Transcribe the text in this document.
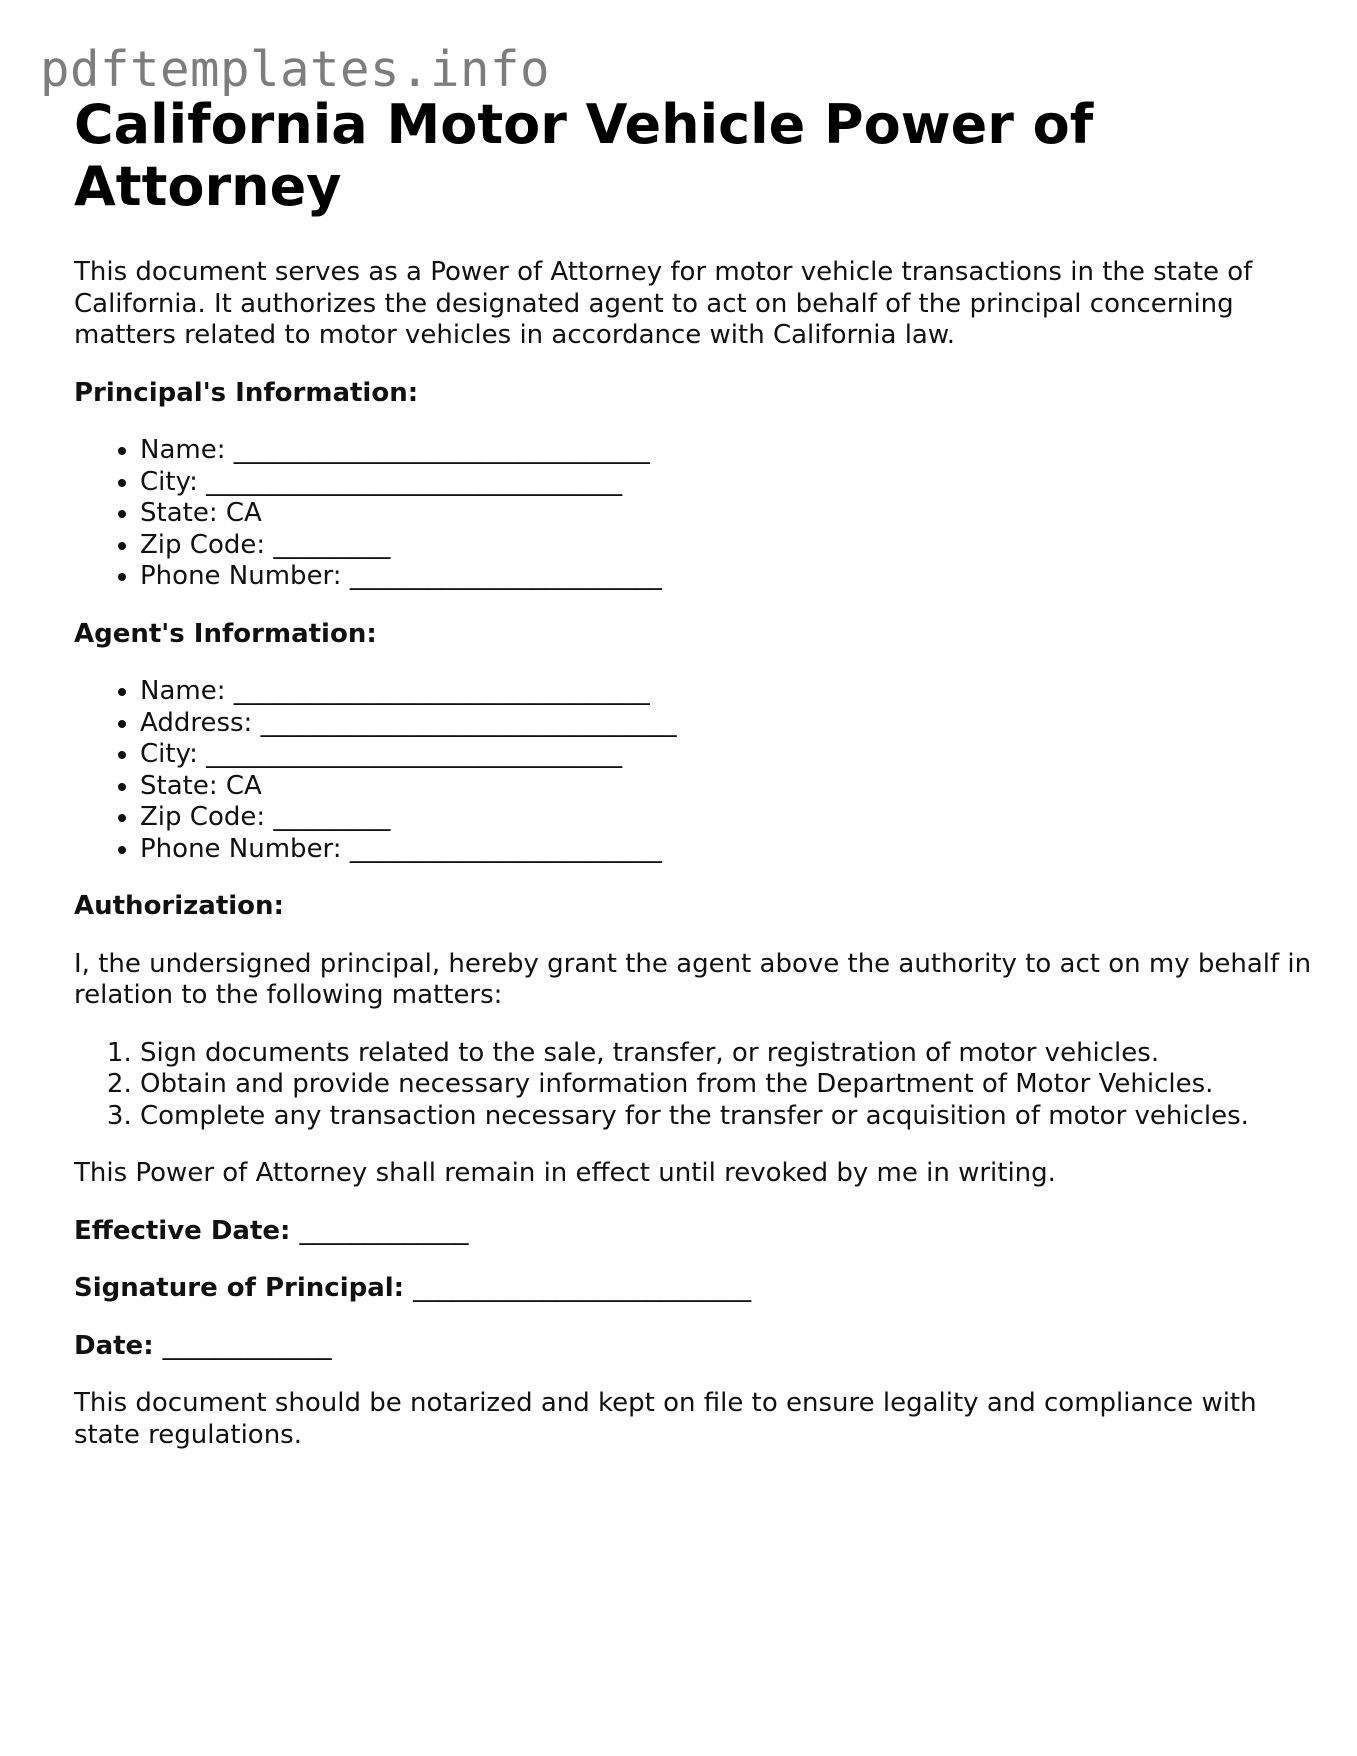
pdftemplates.info
California Motor Vehicle Power of Attorney

This document serves as a Power of Attorney for motor vehicle transactions in the state of California. It authorizes the designated agent to act on behalf of the principal concerning matters related to motor vehicles in accordance with California law.

Principal's Information:

• Name: ________________________________
• City: ________________________________
• State: CA
• Zip Code: _________
• Phone Number: ________________________

Agent's Information:

• Name: ________________________________
• Address: ________________________________
• City: ________________________________
• State: CA
• Zip Code: _________
• Phone Number: ________________________

Authorization:

I, the undersigned principal, hereby grant the agent above the authority to act on my behalf in relation to the following matters:

1. Sign documents related to the sale, transfer, or registration of motor vehicles.
2. Obtain and provide necessary information from the Department of Motor Vehicles.
3. Complete any transaction necessary for the transfer or acquisition of motor vehicles.

This Power of Attorney shall remain in effect until revoked by me in writing.

Effective Date: _____________

Signature of Principal: __________________________

Date: _____________

This document should be notarized and kept on file to ensure legality and compliance with state regulations.
